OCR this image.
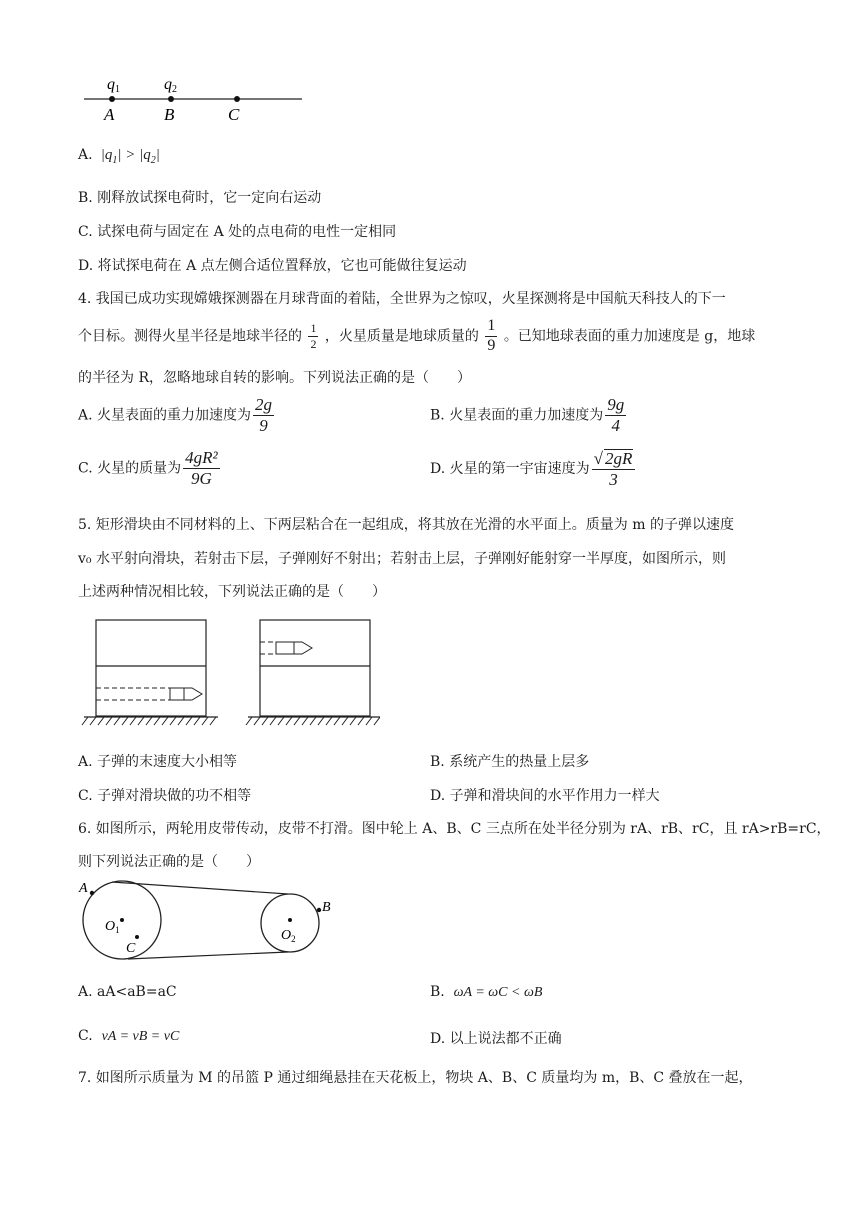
q1	q2
A	B	C
A.  $|q_1| > |q_2|$
B. 刚释放试探电荷时，它一定向右运动
C. 试探电荷与固定在 A 处的点电荷的电性一定相同
D. 将试探电荷在 A 点左侧合适位置释放，它也可能做往复运动
4. 我国已成功实现嫦娥探测器在月球背面的着陆，全世界为之惊叹，火星探测将是中国航天科技人的下一
个目标。测得火星半径是地球半径的 $\frac{1}{2}$ ，火星质量是地球质量的 $\frac{1}{9}$ 。已知地球表面的重力加速度是 g，地球
的半径为 R，忽略地球自转的影响。下列说法正确的是（　　）
A. 火星表面的重力加速度为 $\frac{2g}{9}$	B. 火星表面的重力加速度为 $\frac{9g}{4}$
C. 火星的质量为 $\frac{\text{4gR²}}{9G}$	D. 火星的第一宇宙速度为 $\frac{√ 2gR}{3}$
5. 矩形滑块由不同材料的上、下两层粘合在一起组成，将其放在光滑的水平面上。质量为 m 的子弹以速度
v₀ 水平射向滑块，若射击下层，子弹刚好不射出；若射击上层，子弹刚好能射穿一半厚度，如图所示，则
上述两种情况相比较，下列说法正确的是（　　）
A. 子弹的末速度大小相等	B. 系统产生的热量上层多
C. 子弹对滑块做的功不相等	D. 子弹和滑块间的水平作用力一样大
6. 如图所示，两轮用皮带传动，皮带不打滑。图中轮上 A、B、C 三点所在处半径分别为 rA、rB、rC，且 rA>rB=rC，
则下列说法正确的是（　　）
A
$O_1$
C
$O_2$
B
A. aA<aB=aC	B. ωA = ωC < ωB
C. vA = vB = vC	D. 以上说法都不正确
7. 如图所示质量为 M 的吊篮 P 通过细绳悬挂在天花板上，物块 A、B、C 质量均为 m，B、C 叠放在一起，
